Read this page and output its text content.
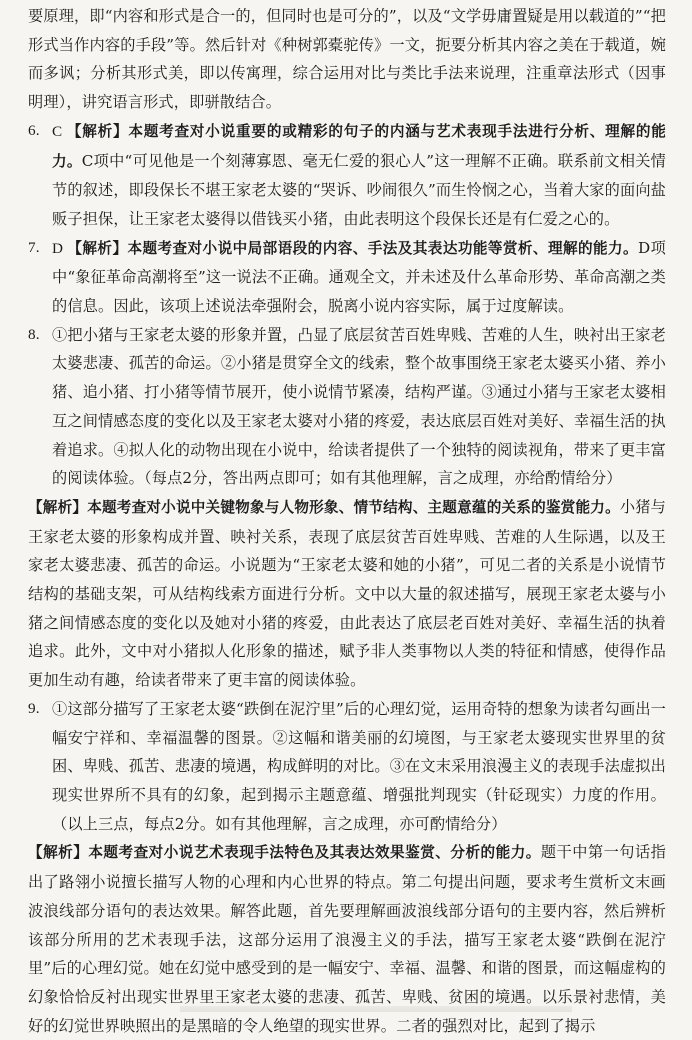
要原理，即“内容和形式是合一的，但同时也是可分的”，以及“文学毋庸置疑是用以载道的”“把形式当作内容的手段”等。然后针对《种树郭橐驼传》一文，扼要分析其内容之美在于载道，婉而多讽；分析其形式美，即以传寓理，综合运用对比与类比手法来说理，注重章法形式（因事明理），讲究语言形式，即骈散结合。

6. C 【解析】本题考查对小说重要的或精彩的句子的内涵与艺术表现手法进行分析、理解的能力。C项中“可见他是一个刻薄寡恩、毫无仁爱的狠心人”这一理解不正确。联系前文相关情节的叙述，即段保长不堪王家老太婆的“哭诉、吵闹很久”而生怜悯之心，当着大家的面向盐贩子担保，让王家老太婆得以借钱买小猪，由此表明这个段保长还是有仁爱之心的。

7. D 【解析】本题考查对小说中局部语段的内容、手法及其表达功能等赏析、理解的能力。D项中“象征革命高潮将至”这一说法不正确。通观全文，并未述及什么革命形势、革命高潮之类的信息。因此，该项上述说法牵强附会，脱离小说内容实际，属于过度解读。

8. ①把小猪与王家老太婆的形象并置，凸显了底层贫苦百姓卑贱、苦难的人生，映衬出王家老太婆悲凄、孤苦的命运。②小猪是贯穿全文的线索，整个故事围绕王家老太婆买小猪、养小猪、追小猪、打小猪等情节展开，使小说情节紧凑，结构严谨。③通过小猪与王家老太婆相互之间情感态度的变化以及王家老太婆对小猪的疼爱，表达底层百姓对美好、幸福生活的执着追求。④拟人化的动物出现在小说中，给读者提供了一个独特的阅读视角，带来了更丰富的阅读体验。（每点2分，答出两点即可；如有其他理解，言之成理，亦给酌情给分）

【解析】本题考查对小说中关键物象与人物形象、情节结构、主题意蕴的关系的鉴赏能力。小猪与王家老太婆的形象构成并置、映衬关系，表现了底层贫苦百姓卑贱、苦难的人生际遇，以及王家老太婆悲凄、孤苦的命运。小说题为“王家老太婆和她的小猪”，可见二者的关系是小说情节结构的基础支架，可从结构线索方面进行分析。文中以大量的叙述描写，展现王家老太婆与小猪之间情感态度的变化以及她对小猪的疼爱，由此表达了底层老百姓对美好、幸福生活的执着追求。此外，文中对小猪拟人化形象的描述，赋予非人类事物以人类的特征和情感，使得作品更加生动有趣，给读者带来了更丰富的阅读体验。

9. ①这部分描写了王家老太婆“跌倒在泥泞里”后的心理幻觉，运用奇特的想象为读者勾画出一幅安宁祥和、幸福温馨的图景。②这幅和谐美丽的幻境图，与王家老太婆现实世界里的贫困、卑贱、孤苦、悲凄的境遇，构成鲜明的对比。③在文末采用浪漫主义的表现手法虚拟出现实世界所不具有的幻象，起到揭示主题意蕴、增强批判现实（针砭现实）力度的作用。（以上三点，每点2分。如有其他理解，言之成理，亦可酌情给分）

【解析】本题考查对小说艺术表现手法特色及其表达效果鉴赏、分析的能力。题干中第一句话指出了路翎小说擅长描写人物的心理和内心世界的特点。第二句提出问题，要求考生赏析文末画波浪线部分语句的表达效果。解答此题，首先要理解画波浪线部分语句的主要内容，然后辨析该部分所用的艺术表现手法，这部分运用了浪漫主义的手法，描写王家老太婆“跌倒在泥泞里”后的心理幻觉。她在幻觉中感受到的是一幅安宁、幸福、温馨、和谐的图景，而这幅虚构的幻象恰恰反衬出现实世界里王家老太婆的悲凄、孤苦、卑贱、贫困的境遇。以乐景衬悲情，美好的幻觉世界映照出的是黑暗的令人绝望的现实世界。二者的强烈对比，起到了揭示
